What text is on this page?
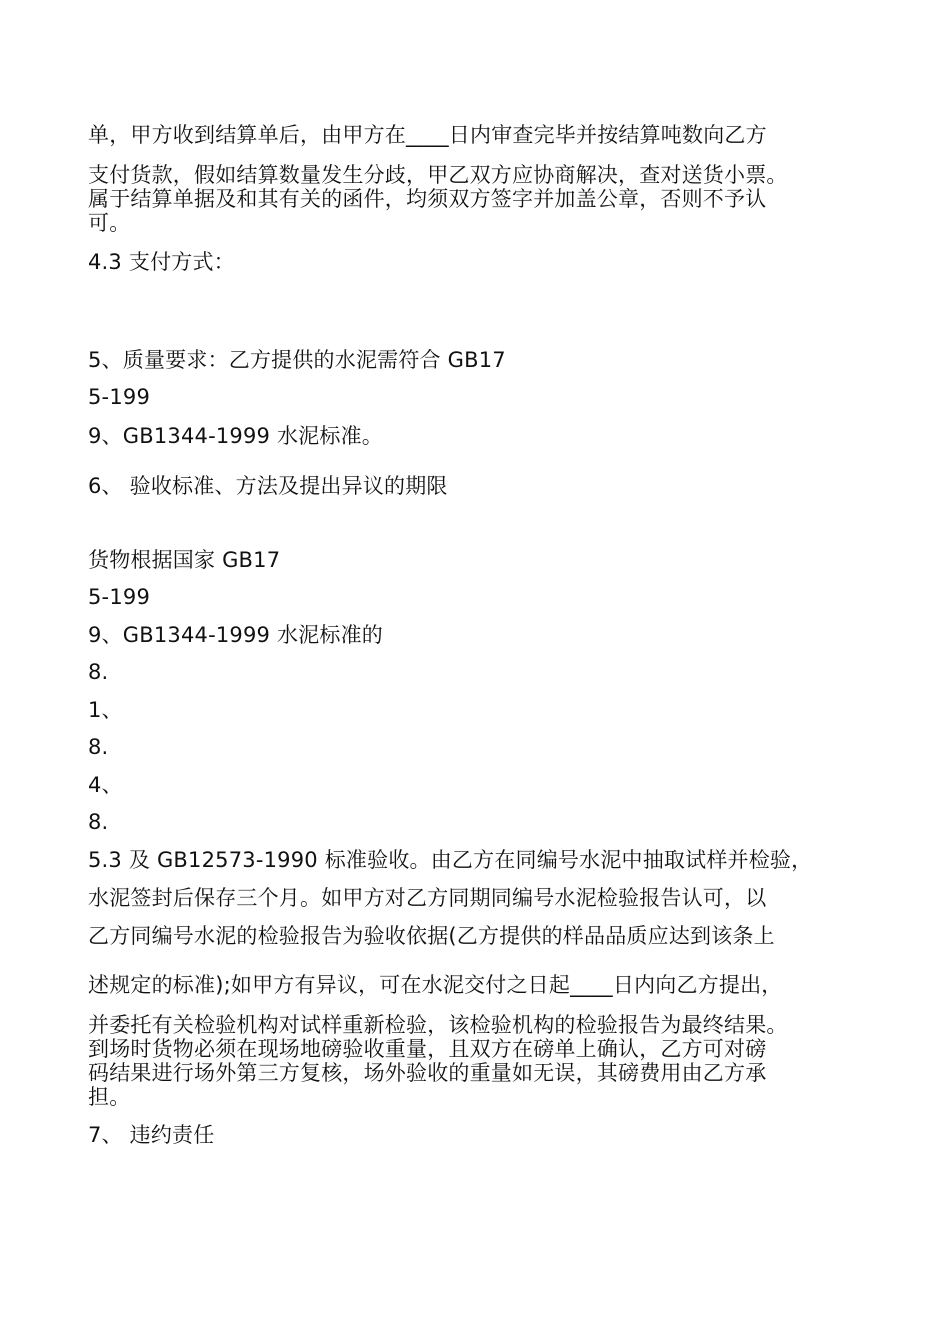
单，甲方收到结算单后，由甲方在____日内审查完毕并按结算吨数向乙方
支付货款，假如结算数量发生分歧，甲乙双方应协商解决，查对送货小票。
属于结算单据及和其有关的函件，均须双方签字并加盖公章，否则不予认
可。
4.3 支付方式：
5、质量要求：乙方提供的水泥需符合 GB17
5-199
9、GB1344-1999 水泥标准。
6、 验收标准、方法及提出异议的期限
货物根据国家 GB17
5-199
9、GB1344-1999 水泥标准的
8.
1、
8.
4、
8.
5.3 及 GB12573-1990 标准验收。由乙方在同编号水泥中抽取试样并检验，
水泥签封后保存三个月。如甲方对乙方同期同编号水泥检验报告认可，以
乙方同编号水泥的检验报告为验收依据(乙方提供的样品品质应达到该条上
述规定的标准);如甲方有异议，可在水泥交付之日起____日内向乙方提出，
并委托有关检验机构对试样重新检验，该检验机构的检验报告为最终结果。
到场时货物必须在现场地磅验收重量，且双方在磅单上确认，乙方可对磅
码结果进行场外第三方复核，场外验收的重量如无误，其磅费用由乙方承
担。
7、 违约责任
